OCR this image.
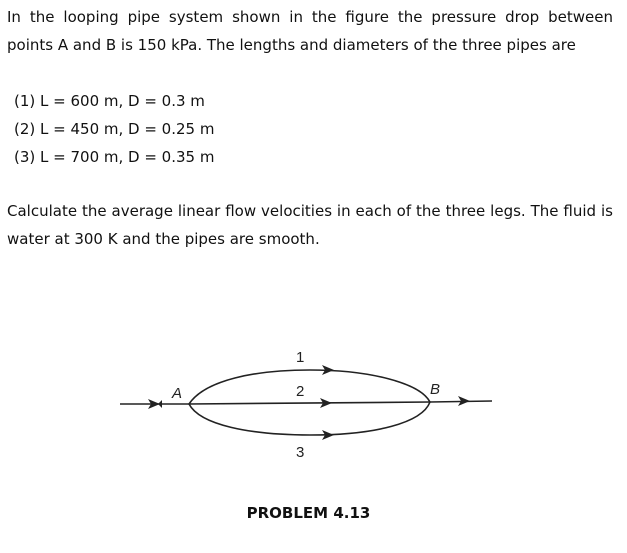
In the looping pipe system shown in the figure the pressure drop between points A and B is 150 kPa. The lengths and diameters of the three pipes are

(1) L = 600 m, D = 0.3 m

(2) L = 450 m, D = 0.25 m

(3) L = 700 m, D = 0.35 m

Calculate the average linear flow velocities in each of the three legs. The fluid is water at 300 K and the pipes are smooth.

A	B
1
2
3

PROBLEM 4.13
